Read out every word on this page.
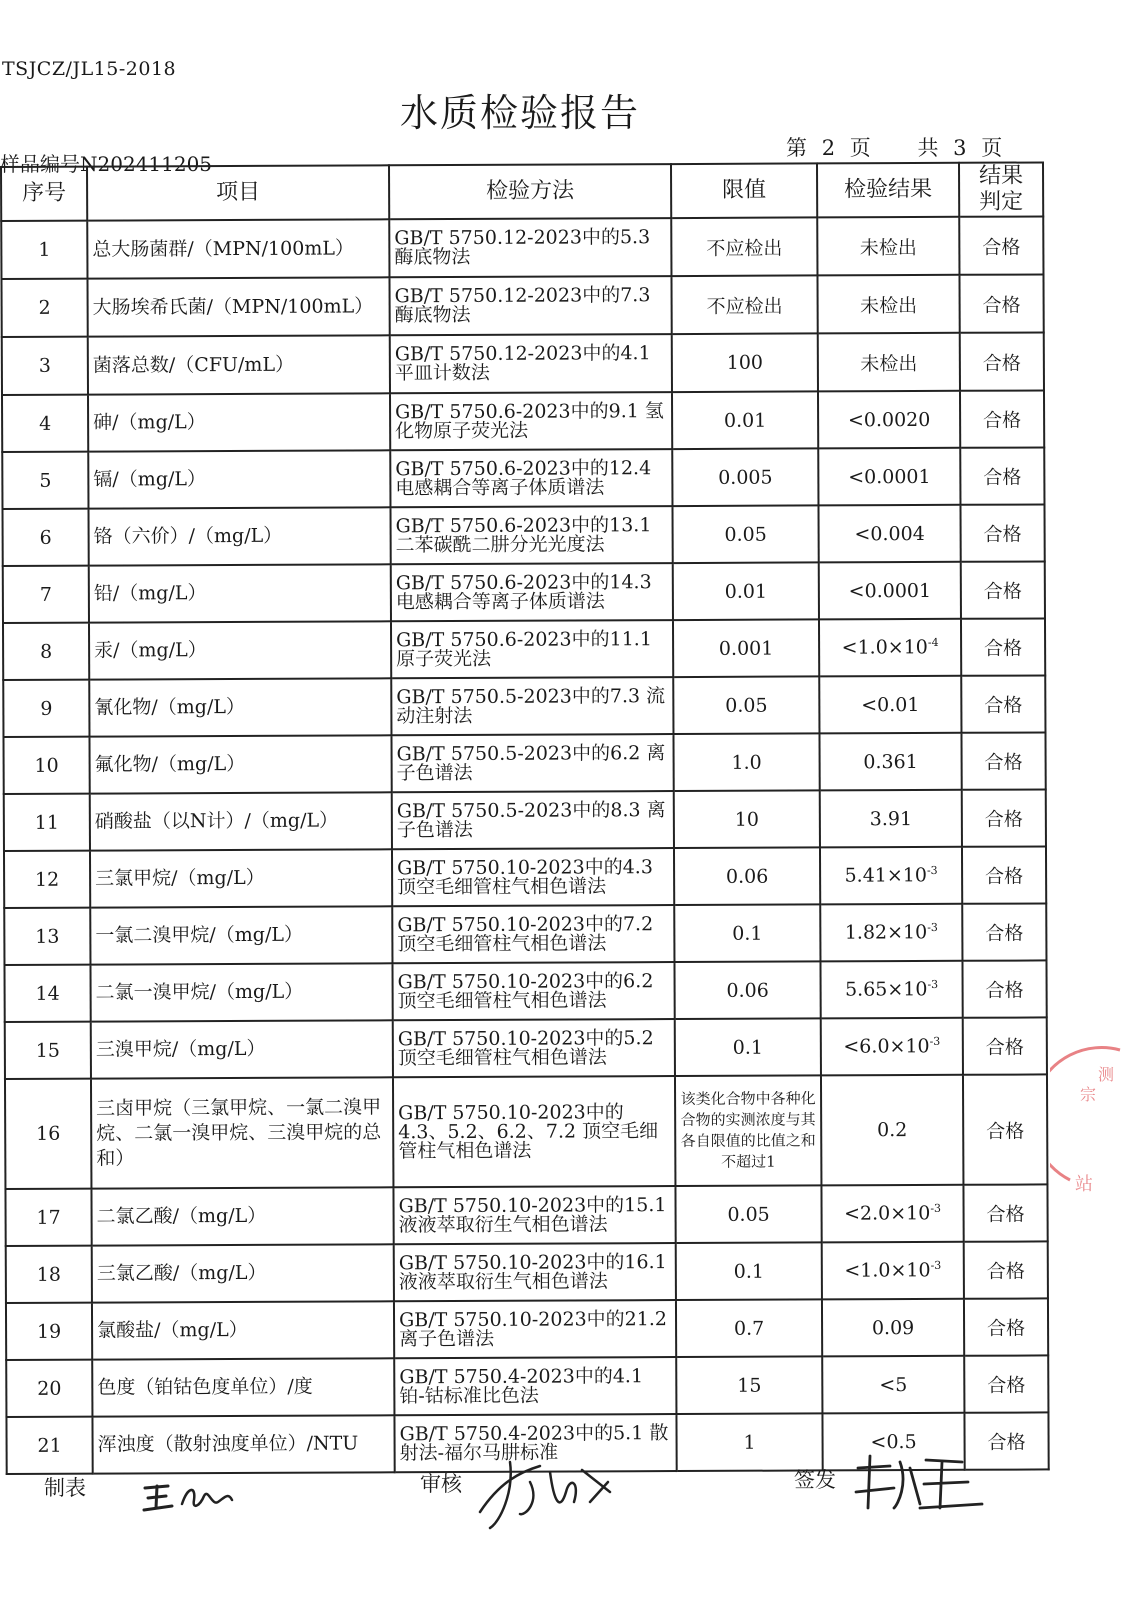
TSJCZ/JL15-2018
水质检验报告
第 2 页 共 3 页
样品编号N202411205
序号	项目	检验方法	限值	检验结果	结果判定
1	总大肠菌群/（MPN/100mL）	GB/T 5750.12-2023中的5.3 酶底物法	不应检出	未检出	合格
2	大肠埃希氏菌/（MPN/100mL）	GB/T 5750.12-2023中的7.3 酶底物法	不应检出	未检出	合格
3	菌落总数/（CFU/mL）	GB/T 5750.12-2023中的4.1 平皿计数法	100	未检出	合格
4	砷/（mg/L）	GB/T 5750.6-2023中的9.1 氢化物原子荧光法	0.01	<0.0020	合格
5	镉/（mg/L）	GB/T 5750.6-2023中的12.4 电感耦合等离子体质谱法	0.005	<0.0001	合格
6	铬（六价）/（mg/L）	GB/T 5750.6-2023中的13.1 二苯碳酰二肼分光光度法	0.05	<0.004	合格
7	铅/（mg/L）	GB/T 5750.6-2023中的14.3 电感耦合等离子体质谱法	0.01	<0.0001	合格
8	汞/（mg/L）	GB/T 5750.6-2023中的11.1 原子荧光法	0.001	$<1.0\times 10^{-4}$	合格
9	氰化物/（mg/L）	GB/T 5750.5-2023中的7.3 流动注射法	0.05	<0.01	合格
10	氟化物/（mg/L）	GB/T 5750.5-2023中的6.2 离子色谱法	1.0	0.361	合格
11	硝酸盐（以N计）/（mg/L）	GB/T 5750.5-2023中的8.3 离子色谱法	10	3.91	合格
12	三氯甲烷/（mg/L）	GB/T 5750.10-2023中的4.3 顶空毛细管柱气相色谱法	0.06	$5.41\times 10^{-3}$	合格
13	一氯二溴甲烷/（mg/L）	GB/T 5750.10-2023中的7.2 顶空毛细管柱气相色谱法	0.1	$1.82\times 10^{-3}$	合格
14	二氯一溴甲烷/（mg/L）	GB/T 5750.10-2023中的6.2 顶空毛细管柱气相色谱法	0.06	$5.65\times 10^{-3}$	合格
15	三溴甲烷/（mg/L）	GB/T 5750.10-2023中的5.2 顶空毛细管柱气相色谱法	0.1	$<6.0\times 10^{-3}$	合格
16	三卤甲烷（三氯甲烷、一氯二溴甲烷、二氯一溴甲烷、三溴甲烷的总和）	GB/T 5750.10-2023中的4.3、5.2、6.2、7.2 顶空毛细管柱气相色谱法	该类化合物中各种化合物的实测浓度与其各自限值的比值之和不超过1	0.2	合格
17	二氯乙酸/（mg/L）	GB/T 5750.10-2023中的15.1 液液萃取衍生气相色谱法	0.05	$<2.0\times 10^{-3}$	合格
18	三氯乙酸/（mg/L）	GB/T 5750.10-2023中的16.1 液液萃取衍生气相色谱法	0.1	$<1.0\times 10^{-3}$	合格
19	氯酸盐/（mg/L）	GB/T 5750.10-2023中的21.2 离子色谱法	0.7	0.09	合格
20	色度（铂钴色度单位）/度	GB/T 5750.4-2023中的4.1 铂-钴标准比色法	15	<5	合格
21	浑浊度（散射浊度单位）/NTU	GB/T 5750.4-2023中的5.1 散射法-福尔马肼标准	1	<0.5	合格
宗
测
站
制表	审核	签发
